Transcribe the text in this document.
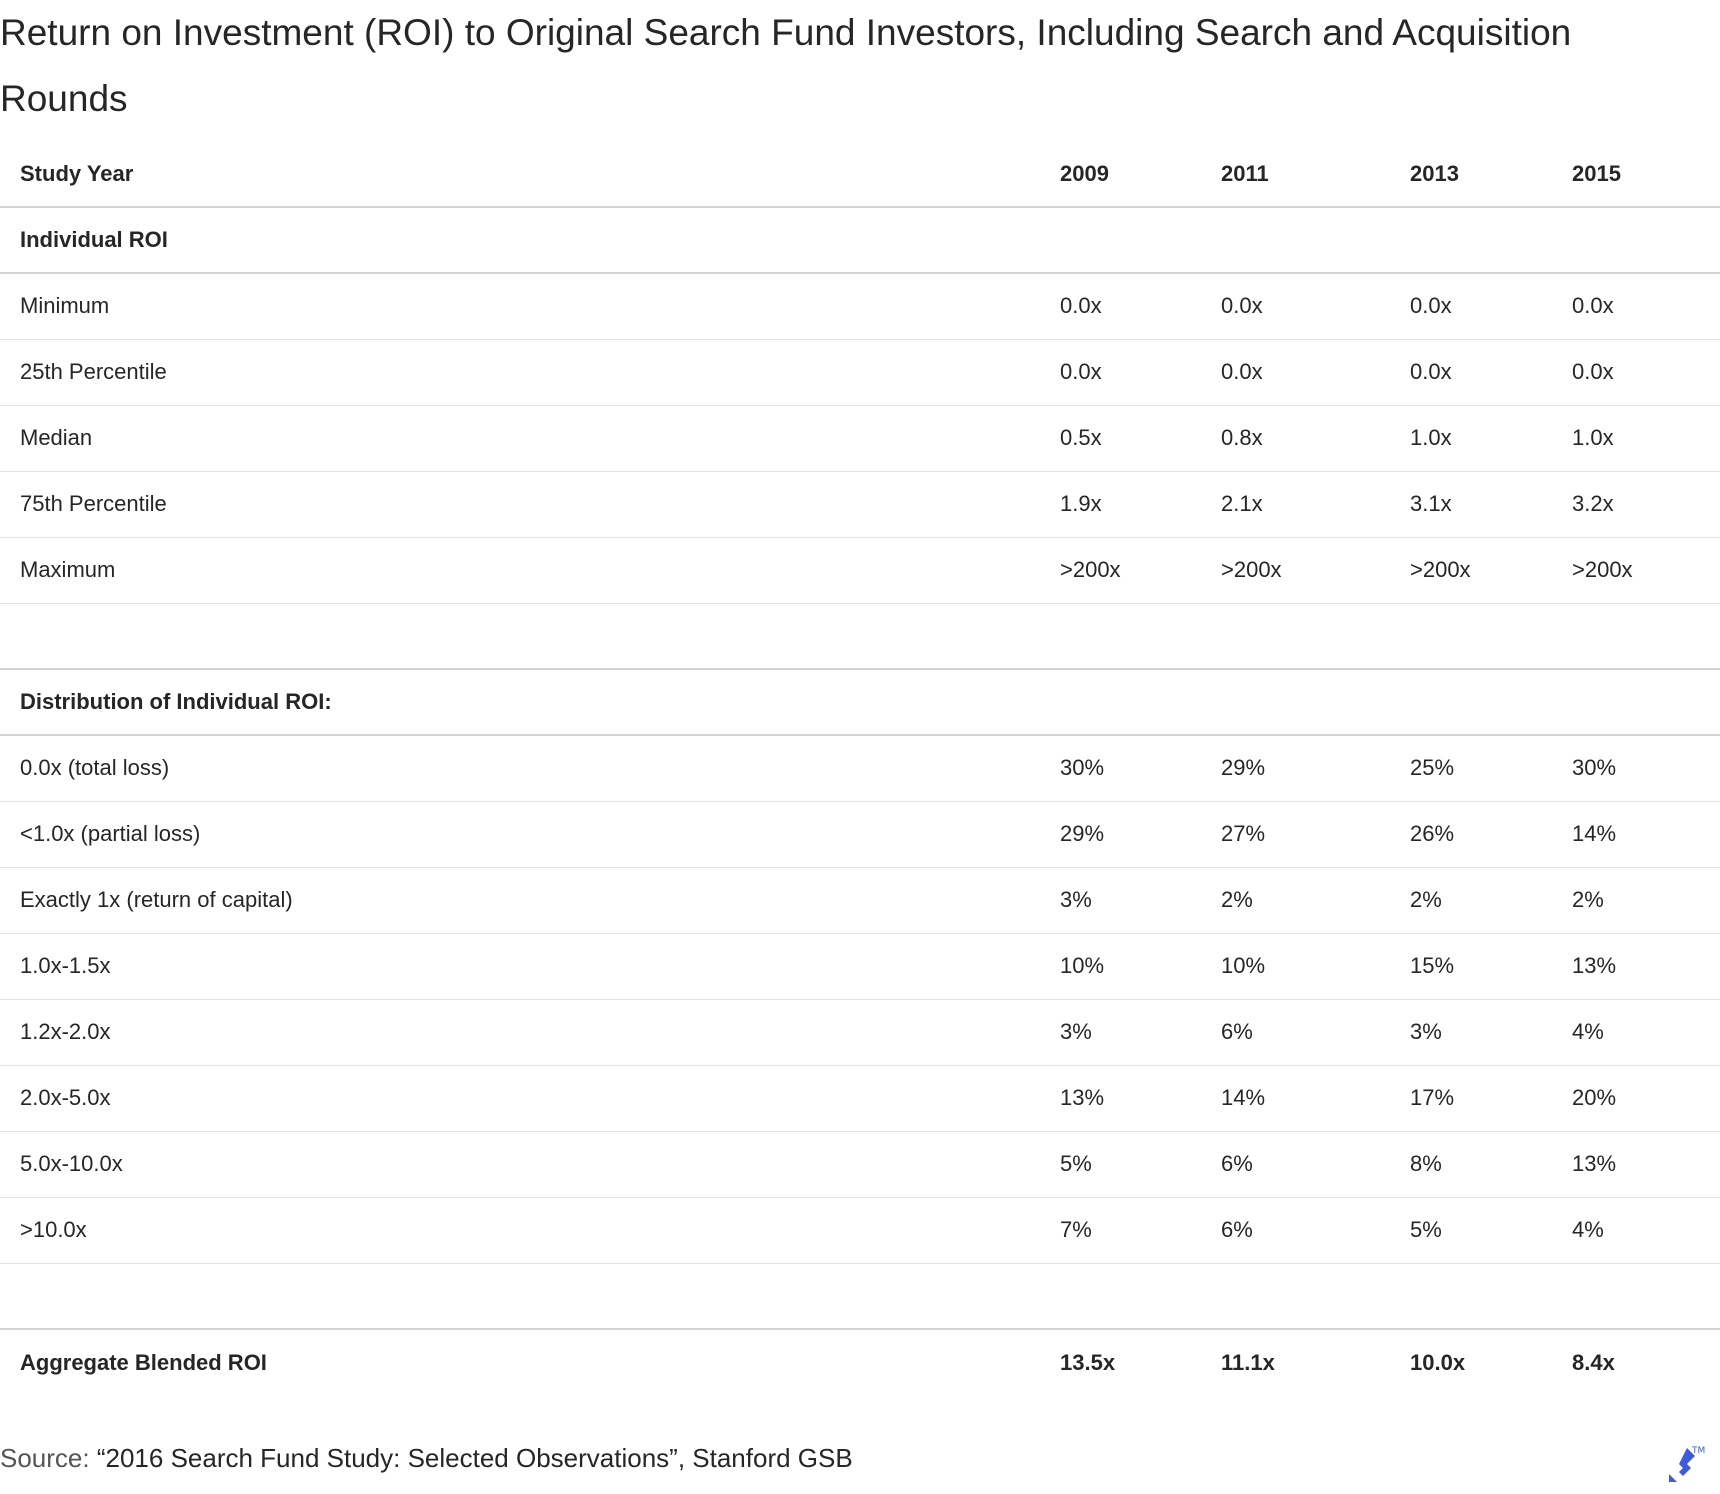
Return on Investment (ROI) to Original Search Fund Investors, Including Search and Acquisition Rounds
Study Year	2009	2011	2013	2015
Individual ROI				
Minimum	0.0x	0.0x	0.0x	0.0x
25th Percentile	0.0x	0.0x	0.0x	0.0x
Median	0.5x	0.8x	1.0x	1.0x
75th Percentile	1.9x	2.1x	3.1x	3.2x
Maximum	>200x	>200x	>200x	>200x

Distribution of Individual ROI:				
0.0x (total loss)	30%	29%	25%	30%
<1.0x (partial loss)	29%	27%	26%	14%
Exactly 1x (return of capital)	3%	2%	2%	2%
1.0x-1.5x	10%	10%	15%	13%
1.2x-2.0x	3%	6%	3%	4%
2.0x-5.0x	13%	14%	17%	20%
5.0x-10.0x	5%	6%	8%	13%
>10.0x	7%	6%	5%	4%

Aggregate Blended ROI	13.5x	11.1x	10.0x	8.4x
Source: “2016 Search Fund Study: Selected Observations”, Stanford GSB	TM
